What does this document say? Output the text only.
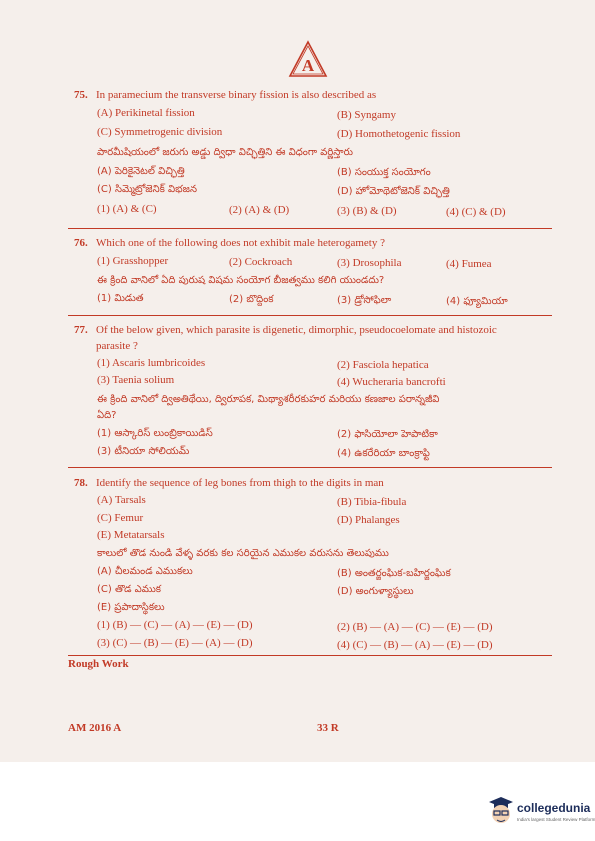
A
75. In paramecium the transverse binary fission is also described as
(A) Perikinetal fission	(B) Syngamy
(C) Symmetrogenic division	(D) Homothetogenic fission
పారమీషియంలో జరుగు అడ్డు ద్విధా విచ్ఛిత్తిని ఈ విధంగా వర్ణిస్తారు
(A) పెరికైనెటల్ విచ్ఛిత్తి	(B) సంయుక్త సంయోగం
(C) సిమ్మెట్రోజెనిక్ విభజన	(D) హోమోథెటోజెనిక్ విచ్ఛిత్తి
(1) (A) & (C)	(2) (A) & (D)	(3) (B) & (D)	(4) (C) & (D)
76. Which one of the following does not exhibit male heterogamety ?
(1) Grasshopper	(2) Cockroach	(3) Drosophila	(4) Fumea
ఈ క్రింది వానిలో ఏది పురుష విషమ సంయోగ బీజత్వము కలిగి యుండదు?
(1) మిడుత	(2) బొద్దింక	(3) డ్రోసోఫిలా	(4) ఫ్యూమియా
77. Of the below given, which parasite is digenetic, dimorphic, pseudocoelomate and histozoic
parasite ?
(1) Ascaris lumbricoides	(2) Fasciola hepatica
(3) Taenia solium	(4) Wucheraria bancrofti
ఈ క్రింది వానిలో ద్వి‌అతిథేయి, ద్విరూపక, మిథ్యాశరీరకుహర మరియు కణజాల పరాన్నజీవి
ఏది?
(1) ఆస్కారిస్ లుంబ్రికాయిడిస్	(2) ఫాసియోలా హెపాటికా
(3) టీనియా సోలియమ్	(4) ఉకరేరియా బాంక్రాఫ్టి
78. Identify the sequence of leg bones from thigh to the digits in man
(A) Tarsals	(B) Tibia-fibula
(C) Femur	(D) Phalanges
(E) Metatarsals
కాలులో తొడ నుండి వేళ్ళ వరకు కల సరియైన ఎముకల వరుసను తెలుపుము
(A) చీలమండ ఎముకలు	(B) అంతర్జంఘిక-బహిర్జంఘిక
(C) తొడ ఎముక	(D) అంగుళ్యాస్థులు
(E) ప్రపాదాస్థికలు
(1) (B) — (C) — (A) — (E) — (D)	(2) (B) — (A) — (C) — (E) — (D)
(3) (C) — (B) — (E) — (A) — (D)	(4) (C) — (B) — (A) — (E) — (D)
Rough Work
AM 2016 A	33 R
collegedunia
India's largest Student Review Platform
